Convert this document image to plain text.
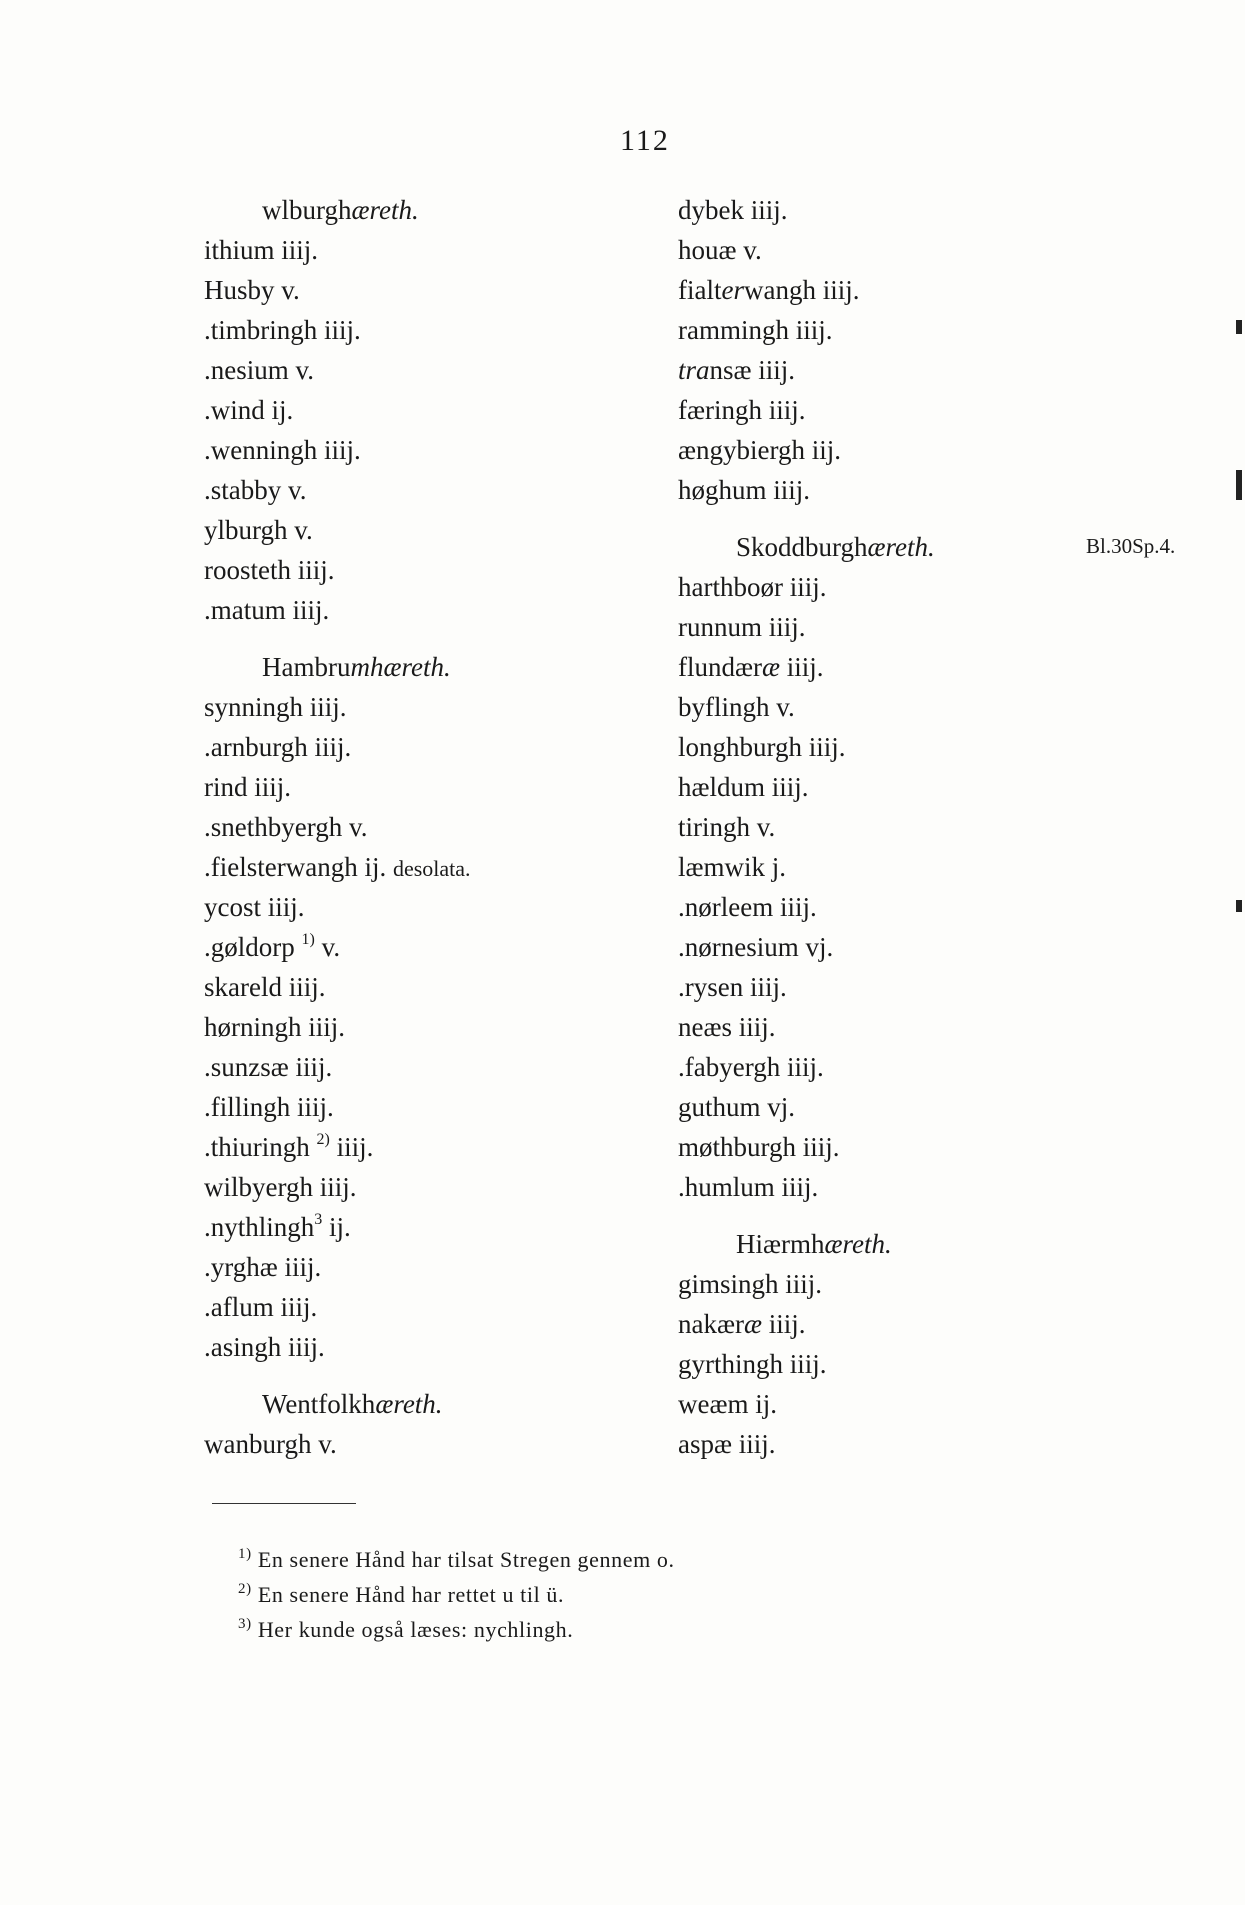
112
wlburghæreth.
ithium iiij.
Husby v.
.timbringh iiij.
.nesium v.
.wind ij.
.wenningh iiij.
.stabby v.
ylburgh v.
roosteth iiij.
.matum iiij.
Hambrumhæreth.
synningh iiij.
.arnburgh iiij.
rind iiij.
.snethbyergh v.
.fielsterwangh ij. desolata.
ycost iiij.
.gøldorp $^{1)}$ v.
skareld iiij.
hørningh iiij.
.sunzsæ iiij.
.fillingh iiij.
.thiuringh $^{2)}$ iiij.
wilbyergh iiij.
.nythlingh$^3$ ij.
.yrghæ iiij.
.aflum iiij.
.asingh iiij.
Wentfolkhæreth.
wanburgh v.
dybek iiij.
houæ v.
fialterwangh iiij.
rammingh iiij.
transæ iiij.
færingh iiij.
ængybiergh iij.
høghum iiij.
Skoddburghæreth.
harthboør iiij.
runnum iiij.
flundæræ iiij.
byflingh v.
longhburgh iiij.
hældum iiij.
tiringh v.
læmwik j.
.nørleem iiij.
.nørnesium vj.
.rysen iiij.
neæs iiij.
.fabyergh iiij.
guthum vj.
møthburgh iiij.
.humlum iiij.
Hiærmhæreth.
gimsingh iiij.
nakæræ iiij.
gyrthingh iiij.
weæm ij.
aspæ iiij.
Bl.30Sp.4.
$^{1)}$ En senere Hånd har tilsat Stregen gennem o.
$^{2)}$ En senere Hånd har rettet u til ü.
$^{3)}$ Her kunde også læses: nychlingh.
